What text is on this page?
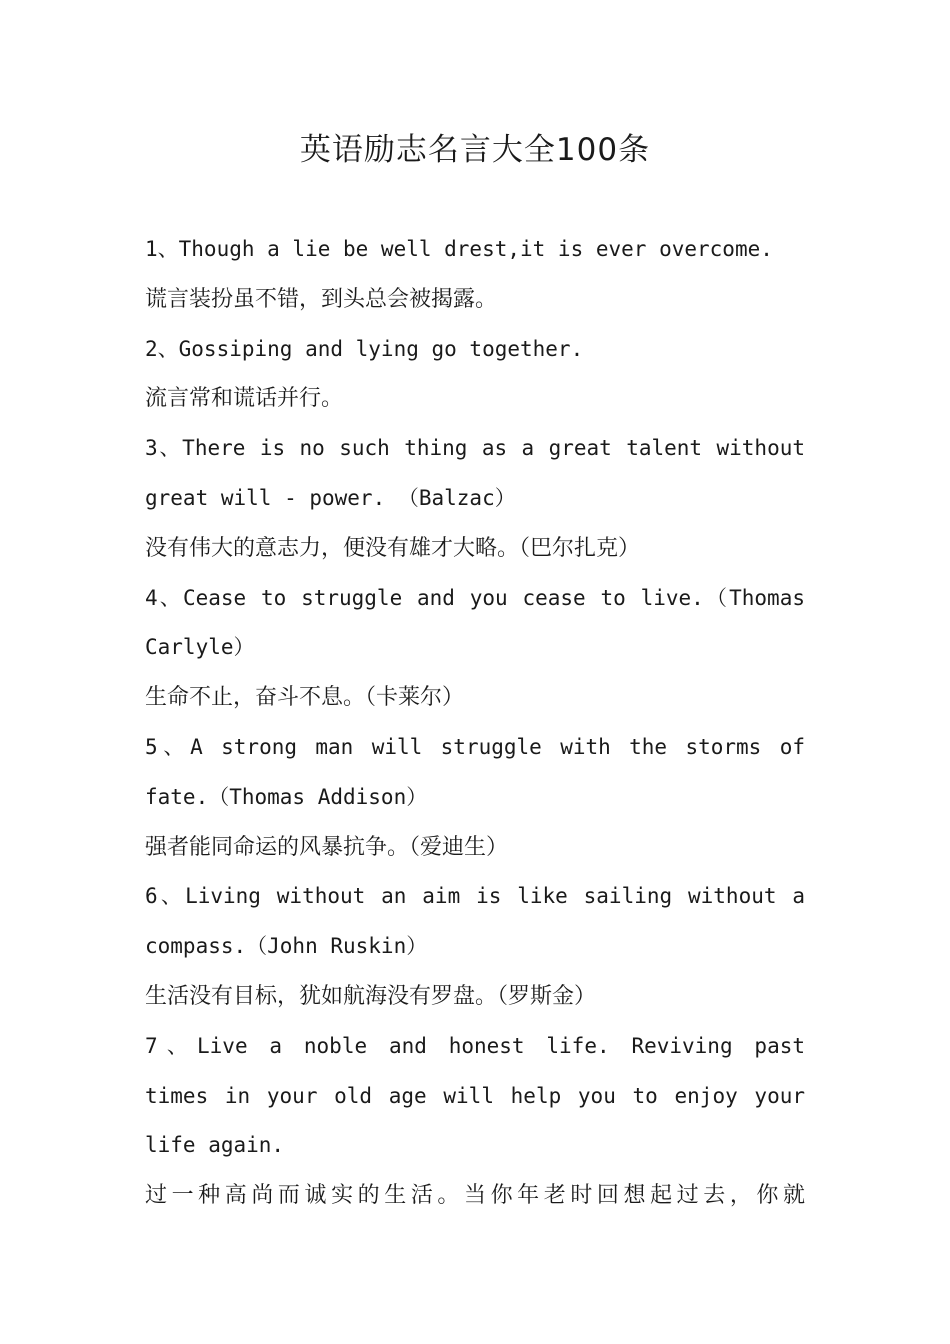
英语励志名言大全100条
1、Though a lie be well drest,it is ever overcome.
谎言装扮虽不错，到头总会被揭露。
2、Gossiping and lying go together.
流言常和谎话并行。
3、There is no such thing as a great talent without
great will - power. （Balzac）
没有伟大的意志力，便没有雄才大略。（巴尔扎克）
4、Cease to struggle and you cease to live.（Thomas
Carlyle）
生命不止，奋斗不息。（卡莱尔）
5、A strong man will struggle with the storms of
fate.（Thomas Addison）
强者能同命运的风暴抗争。（爱迪生）
6、Living without an aim is like sailing without a
compass.（John Ruskin）
生活没有目标，犹如航海没有罗盘。（罗斯金）
7、Live a noble and honest life. Reviving past
times in your old age will help you to enjoy your
life again.
过一种高尚而诚实的生活。当你年老时回想起过去，你就
